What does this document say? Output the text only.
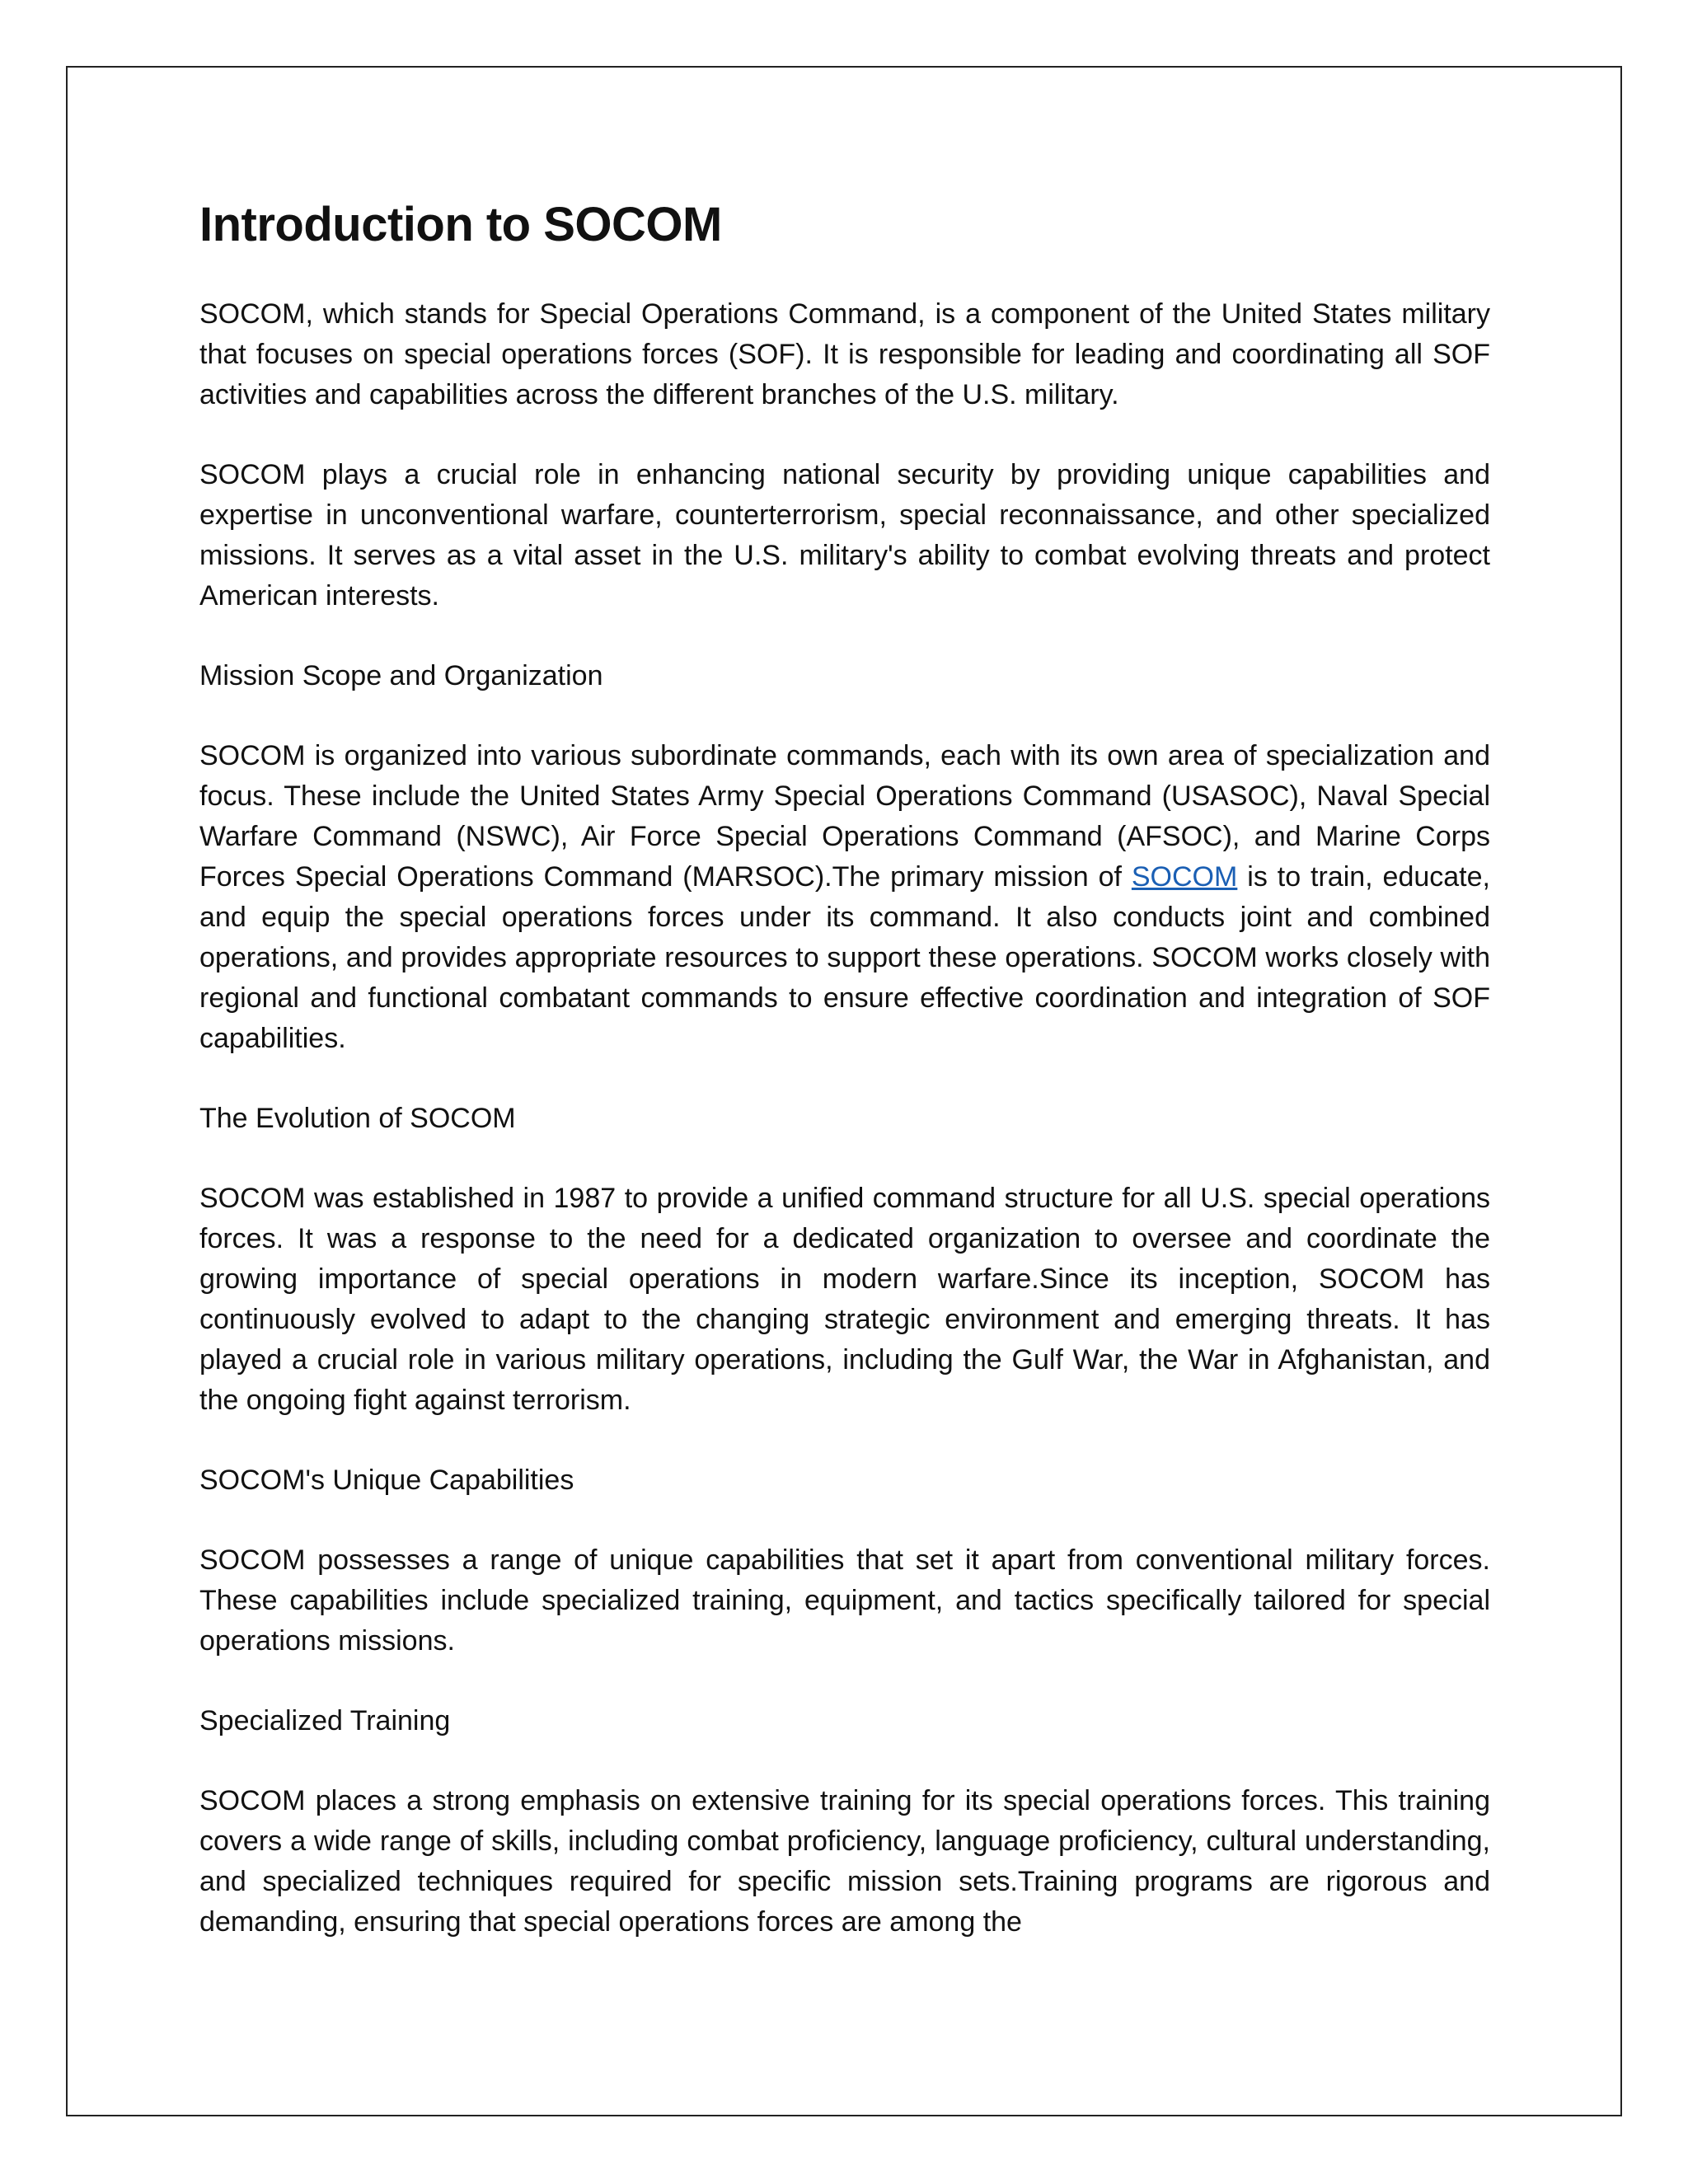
Introduction to SOCOM

SOCOM, which stands for Special Operations Command, is a component of the United States military that focuses on special operations forces (SOF). It is responsible for leading and coordinating all SOF activities and capabilities across the different branches of the U.S. military.

SOCOM plays a crucial role in enhancing national security by providing unique capabilities and expertise in unconventional warfare, counterterrorism, special reconnaissance, and other specialized missions. It serves as a vital asset in the U.S. military's ability to combat evolving threats and protect American interests.

Mission Scope and Organization

SOCOM is organized into various subordinate commands, each with its own area of specialization and focus. These include the United States Army Special Operations Command (USASOC), Naval Special Warfare Command (NSWC), Air Force Special Operations Command (AFSOC), and Marine Corps Forces Special Operations Command (MARSOC).The primary mission of SOCOM is to train, educate, and equip the special operations forces under its command. It also conducts joint and combined operations, and provides appropriate resources to support these operations. SOCOM works closely with regional and functional combatant commands to ensure effective coordination and integration of SOF capabilities.

The Evolution of SOCOM

SOCOM was established in 1987 to provide a unified command structure for all U.S. special operations forces. It was a response to the need for a dedicated organization to oversee and coordinate the growing importance of special operations in modern warfare.Since its inception, SOCOM has continuously evolved to adapt to the changing strategic environment and emerging threats. It has played a crucial role in various military operations, including the Gulf War, the War in Afghanistan, and the ongoing fight against terrorism.

SOCOM's Unique Capabilities

SOCOM possesses a range of unique capabilities that set it apart from conventional military forces. These capabilities include specialized training, equipment, and tactics specifically tailored for special operations missions.

Specialized Training

SOCOM places a strong emphasis on extensive training for its special operations forces. This training covers a wide range of skills, including combat proficiency, language proficiency, cultural understanding, and specialized techniques required for specific mission sets.Training programs are rigorous and demanding, ensuring that special operations forces are among the
